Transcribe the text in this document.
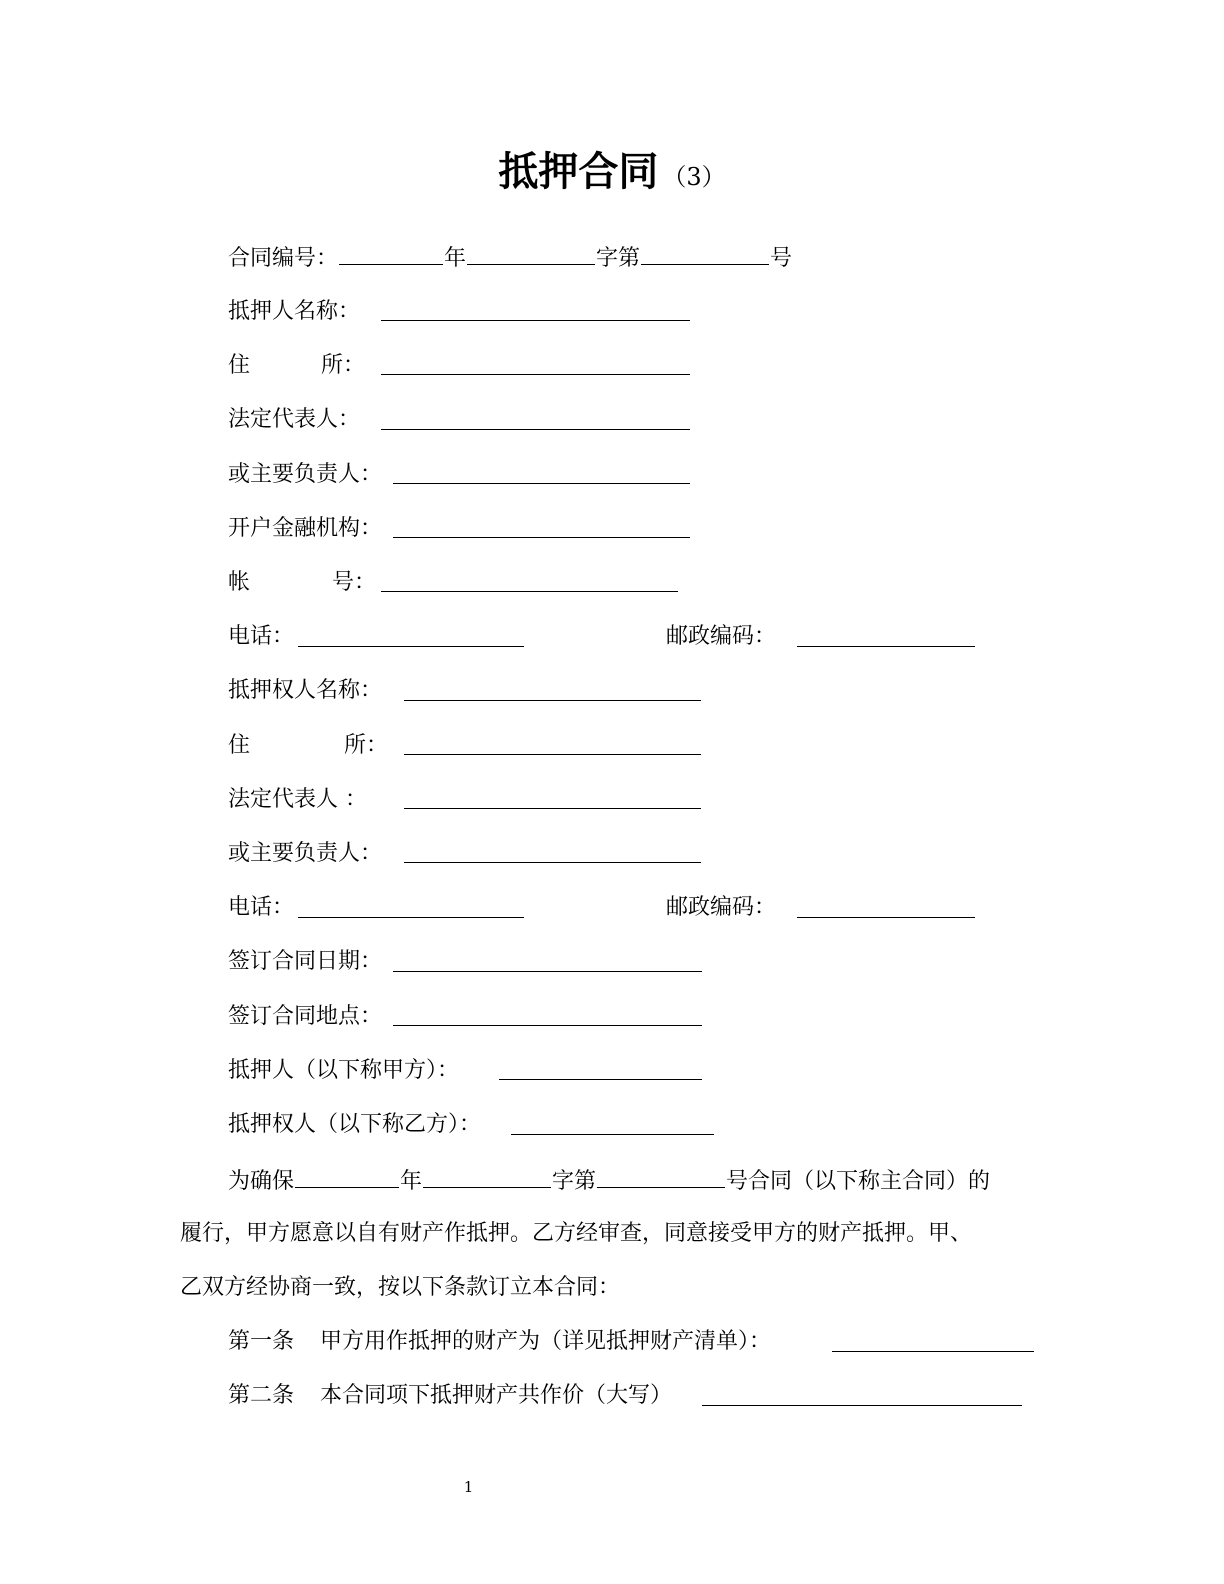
抵押合同 （3）
合同编号：	年	字第	号
抵押人名称：
住	所：
法定代表人：
或主要负责人：
开户金融机构：
帐	号：
电话：	邮政编码：
抵押权人名称：
住	所：
法定代表人 ：
或主要负责人：
电话：	邮政编码：
签订合同日期：
签订合同地点：
抵押人（以下称甲方）：
抵押权人（以下称乙方）：
为确保	年	字第	号合同（以下称主合同）的
履行，甲方愿意以自有财产作抵押。乙方经审查，同意接受甲方的财产抵押。甲、
乙双方经协商一致，按以下条款订立本合同：
第一条 甲方用作抵押的财产为（详见抵押财产清单）：
第二条 本合同项下抵押财产共作价（大写）
1
